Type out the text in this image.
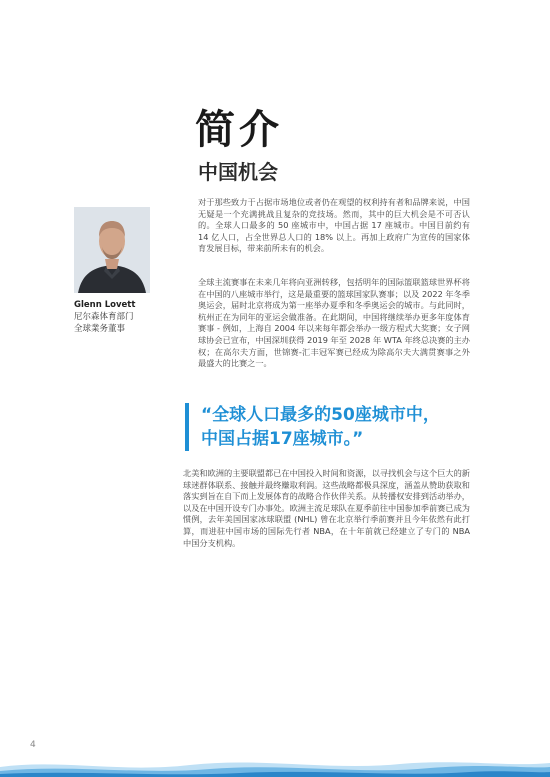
简介
中国机会
Glenn Lovett
尼尔森体育部门
全球業务董事

对于那些致力于占据市场地位或者仍在观望的权利持有者和品牌来说，中国无疑是一个充满挑战且复杂的竞技场。然而，其中的巨大机会是不可否认的。全球人口最多的 50 座城市中，中国占据 17 座城市。中国目前约有 14 亿人口，占全世界总人口的 18% 以上。再加上政府广为宣传的国家体育发展目标，带来前所未有的机会。

全球主流赛事在未来几年将向亚洲转移，包括明年的国际篮联篮球世界杯将在中国的八座城市举行，这是最重要的篮球国家队赛事；以及 2022 年冬季奥运会，届时北京将成为第一座举办夏季和冬季奥运会的城市。与此同时，杭州正在为同年的亚运会做准备。在此期间，中国将继续举办更多年度体育赛事 - 例如，上海自 2004 年以来每年都会举办一级方程式大奖赛；女子网球协会已宣布，中国深圳获得 2019 年至 2028 年 WTA 年终总决赛的主办权；在高尔夫方面，世锦赛-汇丰冠军赛已经成为除高尔夫大满贯赛事之外最盛大的比赛之一。

“全球人口最多的50座城市中，

中国占据17座城市。”

北美和欧洲的主要联盟都已在中国投入时间和资源，以寻找机会与这个巨大的新球迷群体联系、接触并最终赚取利润。这些战略都极具深度，涵盖从赞助获取和落实到旨在自下而上发展体育的战略合作伙伴关系。从转播权安排到活动举办，以及在中国开设专门办事处。欧洲主流足球队在夏季前往中国参加季前赛已成为惯例，去年美国国家冰球联盟 (NHL) 曾在北京举行季前赛并且今年依然有此打算，而进驻中国市场的国际先行者 NBA，在十年前就已经建立了专门的 NBA 中国分支机构。

4
